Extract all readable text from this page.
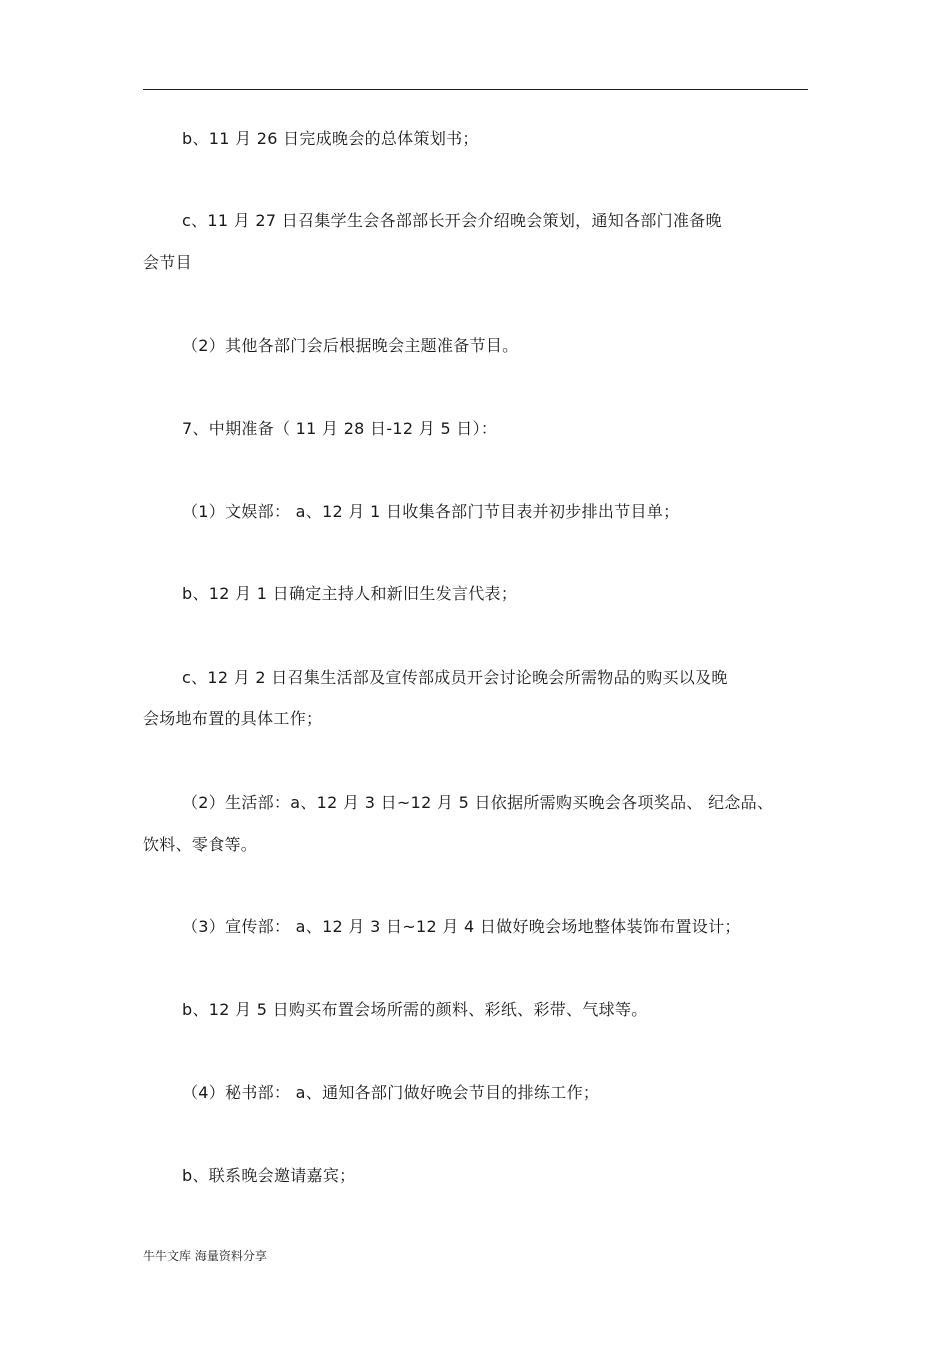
b、11 月 26 日完成晚会的总体策划书；
c、11 月 27 日召集学生会各部部长开会介绍晚会策划，通知各部门准备晚
会节目
（2）其他各部门会后根据晚会主题准备节目。
7、中期准备（ 11 月 28 日-12 月 5 日）：
（1）文娱部： a、12 月 1 日收集各部门节目表并初步排出节目单；
b、12 月 1 日确定主持人和新旧生发言代表；
c、12 月 2 日召集生活部及宣传部成员开会讨论晚会所需物品的购买以及晚
会场地布置的具体工作；
（2）生活部：a、12 月 3 日~12 月 5 日依据所需购买晚会各项奖品、 纪念品、
饮料、零食等。
（3）宣传部： a、12 月 3 日~12 月 4 日做好晚会场地整体装饰布置设计；
b、12 月 5 日购买布置会场所需的颜料、彩纸、彩带、气球等。
（4）秘书部： a、通知各部门做好晚会节目的排练工作；
b、联系晚会邀请嘉宾；
牛牛文库 海量资料分享
